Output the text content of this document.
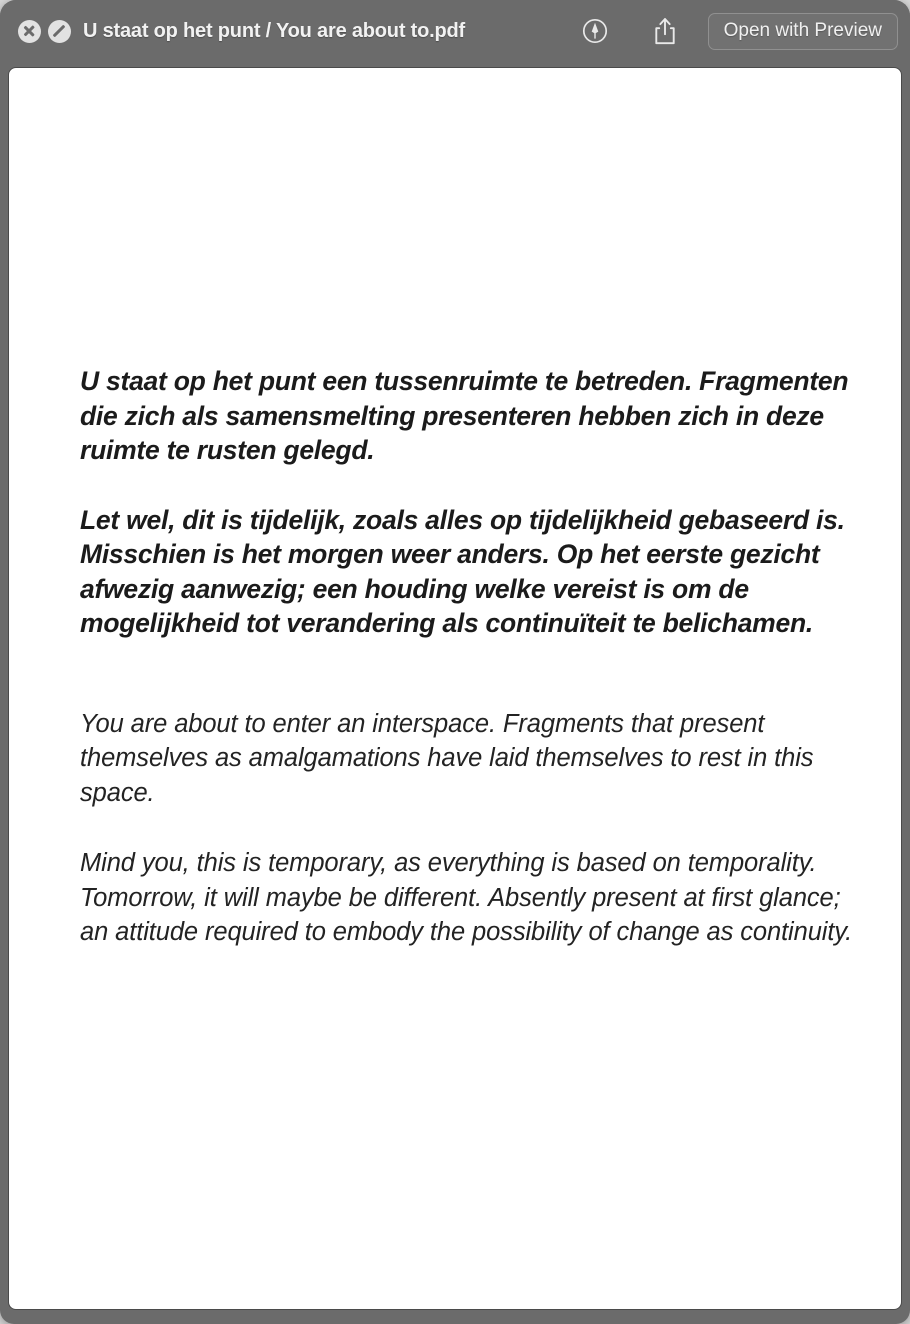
U staat op het punt / You are about to.pdf	Open with Preview

U staat op het punt een tussenruimte te betreden. Fragmenten die zich als samensmelting presenteren hebben zich in deze ruimte te rusten gelegd.

Let wel, dit is tijdelijk, zoals alles op tijdelijkheid gebaseerd is. Misschien is het morgen weer anders. Op het eerste gezicht afwezig aanwezig; een houding welke vereist is om de mogelijkheid tot verandering als continuïteit te belichamen.

You are about to enter an interspace. Fragments that present themselves as amalgamations have laid themselves to rest in this space.

Mind you, this is temporary, as everything is based on temporality. Tomorrow, it will maybe be different. Absently present at first glance; an attitude required to embody the possibility of change as continuity.
